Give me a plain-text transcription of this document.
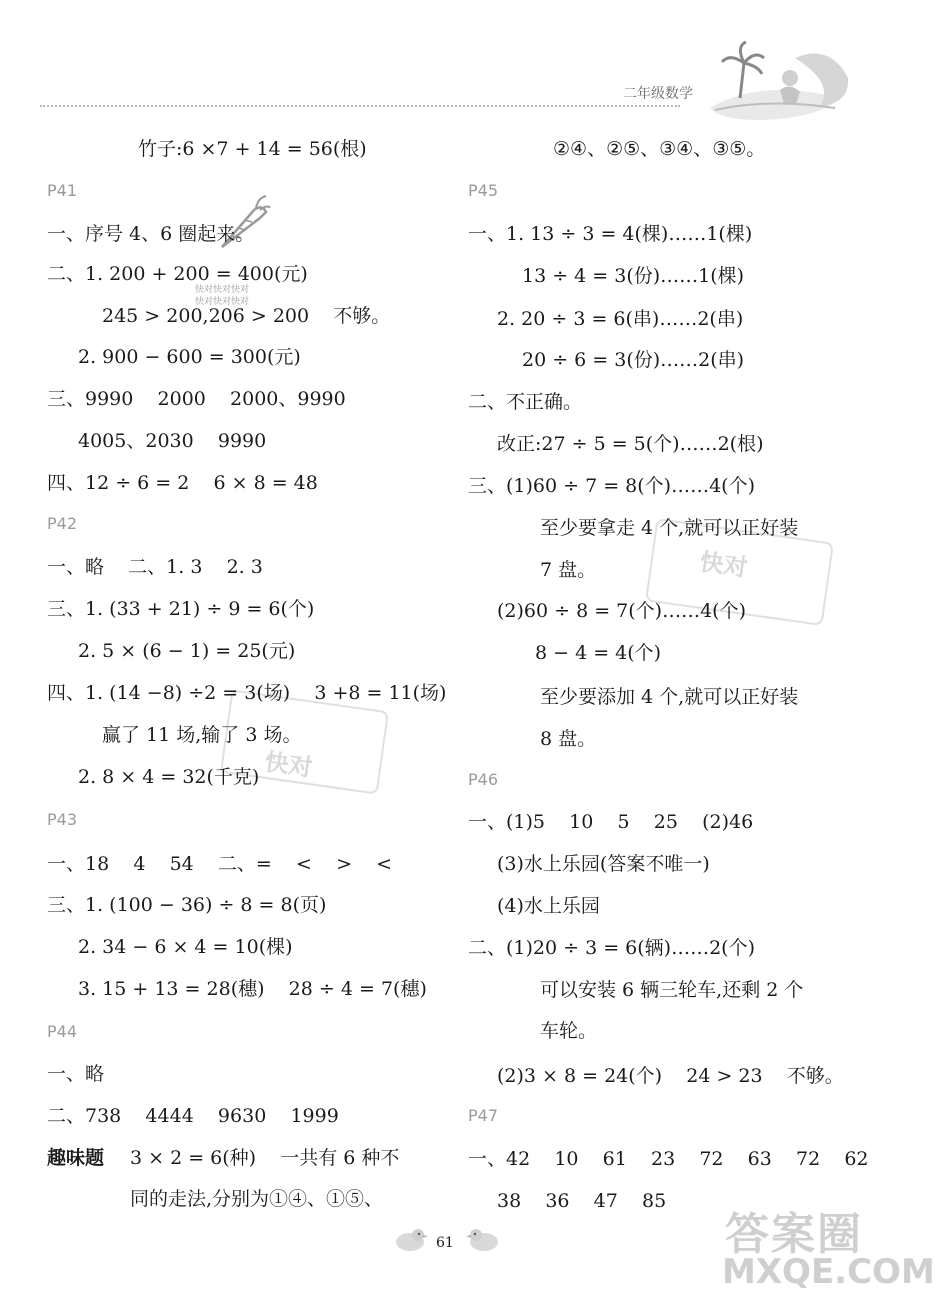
二年级数学
快对快对快对
快对快对快对
快对
快对
竹子:6 ×7 + 14 = 56(根)
P41
一、序号 4、6 圈起来。
二、1. 200 + 200 = 400(元)
245 > 200,206 > 200    不够。
2. 900 − 600 = 300(元)
三、9990    2000    2000、9990
4005、2030    9990
四、12 ÷ 6 = 2    6 × 8 = 48
P42
一、略    二、1. 3    2. 3
三、1. (33 + 21) ÷ 9 = 6(个)
2. 5 × (6 − 1) = 25(元)
四、1. (14 −8) ÷2 = 3(场)    3 +8 = 11(场)
赢了 11 场,输了 3 场。
2. 8 × 4 = 32(千克)
P43
一、18    4    54    二、=    <    >    <
三、1. (100 − 36) ÷ 8 = 8(页)
2. 34 − 6 × 4 = 10(棵)
3. 15 + 13 = 28(穗)    28 ÷ 4 = 7(穗)
P44
一、略
二、738    4444    9630    1999
趣味题 3 × 2 = 6(种)    一共有 6 种不
同的走法,分别为①④、①⑤、
②④、②⑤、③④、③⑤。
P45
一、1. 13 ÷ 3 = 4(棵)……1(棵)
13 ÷ 4 = 3(份)……1(棵)
2. 20 ÷ 3 = 6(串)……2(串)
20 ÷ 6 = 3(份)……2(串)
二、不正确。
改正:27 ÷ 5 = 5(个)……2(根)
三、(1)60 ÷ 7 = 8(个)……4(个)
至少要拿走 4 个,就可以正好装
7 盘。
(2)60 ÷ 8 = 7(个)……4(个)
8 − 4 = 4(个)
至少要添加 4 个,就可以正好装
8 盘。
P46
一、(1)5    10    5    25    (2)46
(3)水上乐园(答案不唯一)
(4)水上乐园
二、(1)20 ÷ 3 = 6(辆)……2(个)
可以安装 6 辆三轮车,还剩 2 个
车轮。
(2)3 × 8 = 24(个)    24 > 23    不够。
P47
一、42    10    61    23    72    63    72    62
38    36    47    85
61	答案圈
MXQE.COM
